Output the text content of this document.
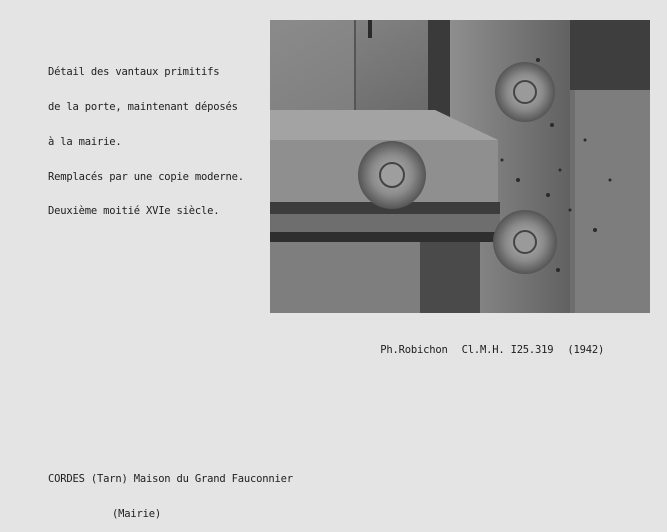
Détail des vantaux primitifs

de la porte, maintenant déposés

à la mairie.

Remplacés par une copie moderne.

Deuxième moitié XVIe siècle.

Ph.Robichon Cl.M.H. I25.319 (1942)

CORDES (Tarn) Maison du Grand Fauconnier

(Mairie)
